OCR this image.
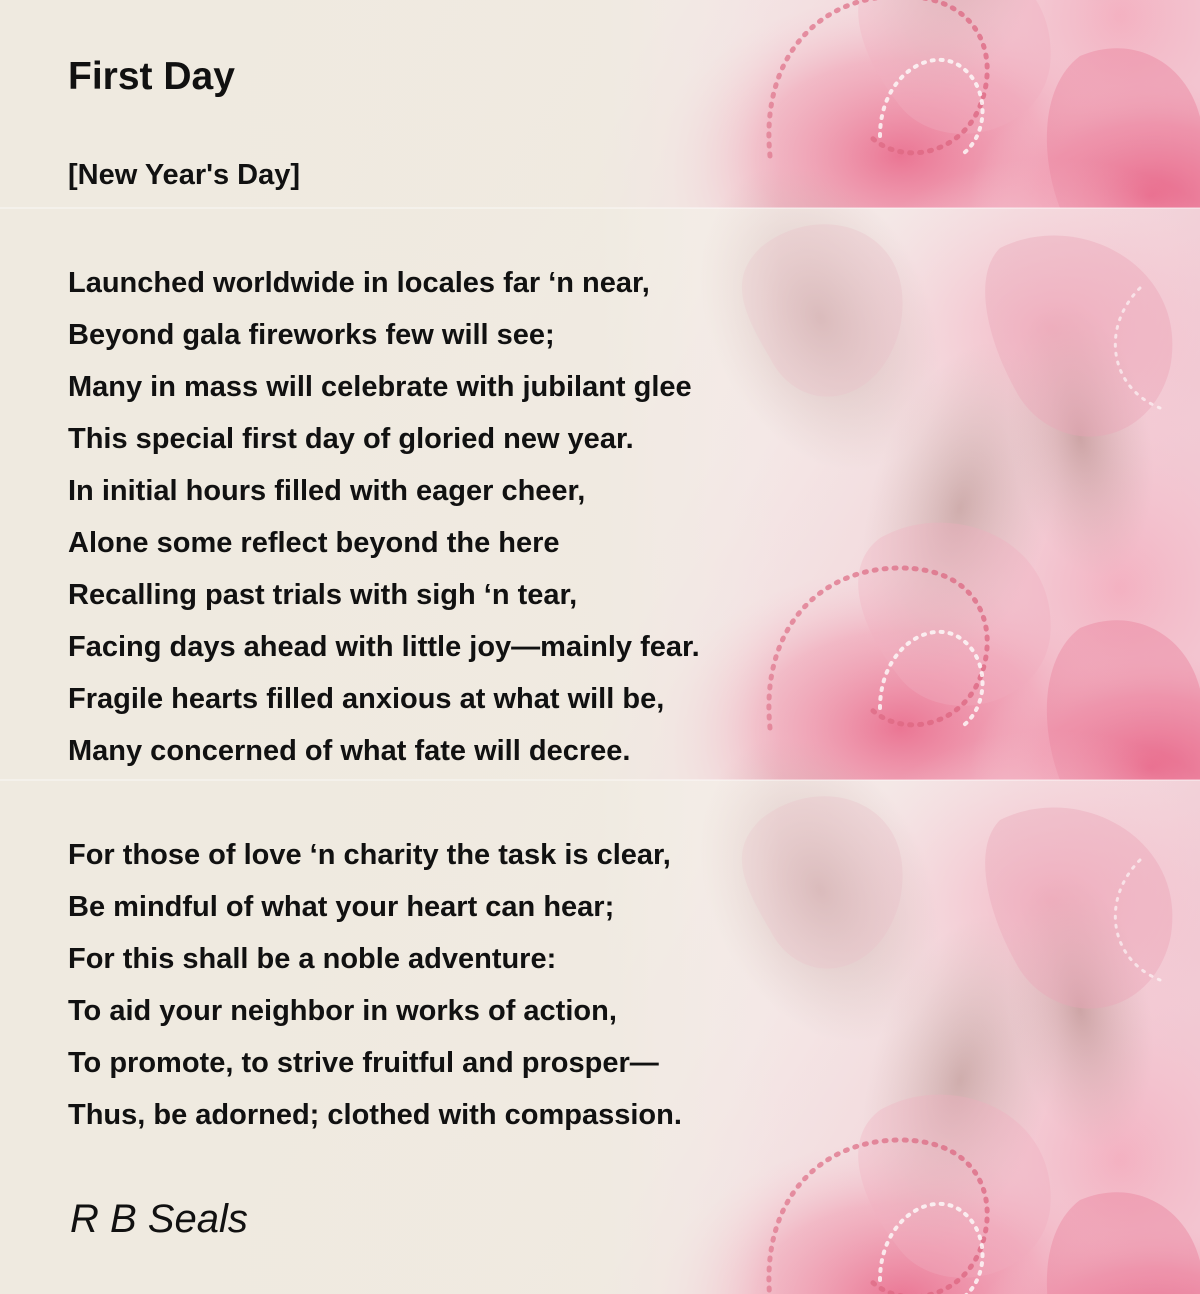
First Day

[New Year's Day]

Launched worldwide in locales far ‘n near,
Beyond gala fireworks few will see;
Many in mass will celebrate with jubilant glee
This special first day of gloried new year.
In initial hours filled with eager cheer,
Alone some reflect beyond the here
Recalling past trials with sigh ‘n tear,
Facing days ahead with little joy—mainly fear.
Fragile hearts filled anxious at what will be,
Many concerned of what fate will decree.
For those of love ‘n charity the task is clear,
Be mindful of what your heart can hear;
For this shall be a noble adventure:
To aid your neighbor in works of action,
To promote, to strive fruitful and prosper—
Thus, be adorned; clothed with compassion.

R B Seals
